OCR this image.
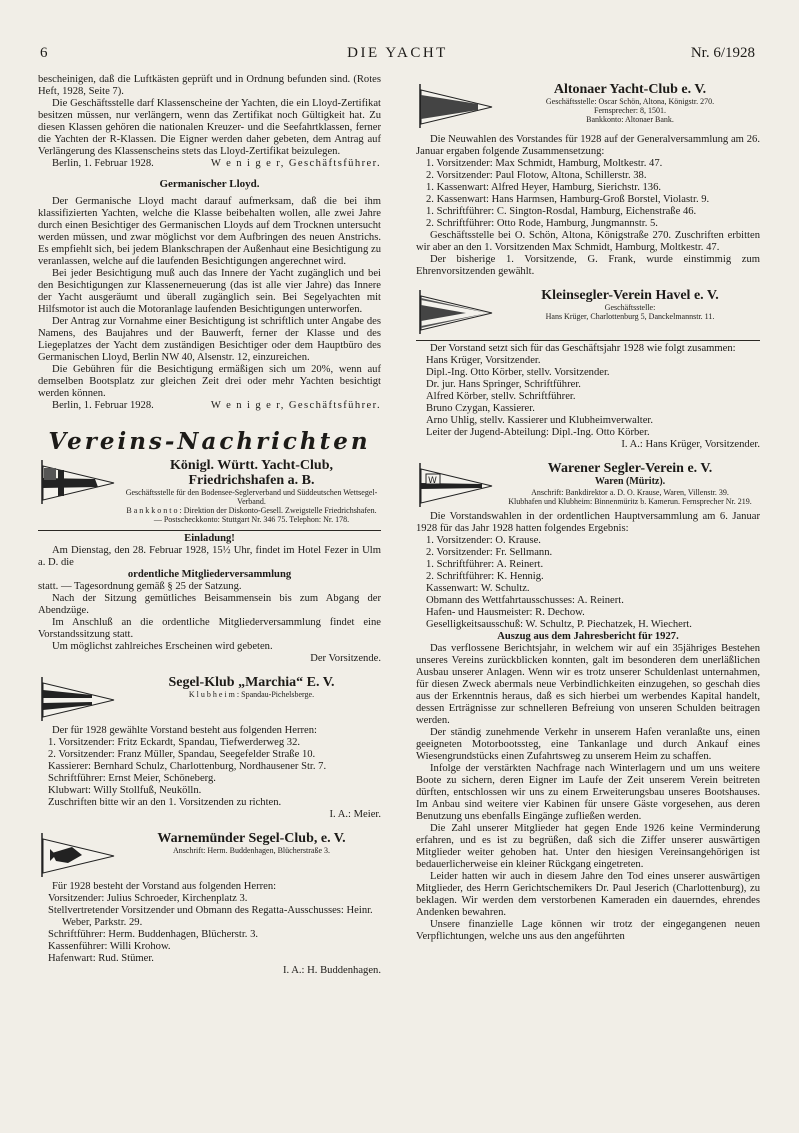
6	DIE YACHT	Nr. 6/1928

bescheinigen, daß die Luftkästen geprüft und in Ordnung befunden sind. (Rotes Heft, 1928, Seite 7).

Die Geschäftsstelle darf Klassenscheine der Yachten, die ein Lloyd-Zertifikat besitzen müssen, nur verlängern, wenn das Zertifikat noch Gültigkeit hat. Zu diesen Klassen gehören die nationalen Kreuzer- und die Seefahrtklassen, ferner die Yachten der R-Klassen. Die Eigner werden daher gebeten, dem Antrag auf Verlängerung des Klassenscheins stets das Lloyd-Zertifikat beizulegen.

Berlin, 1. Februar 1928.	W e n i g e r, Geschäftsführer.
Germanischer Lloyd.

Der Germanische Lloyd macht darauf aufmerksam, daß die bei ihm klassifizierten Yachten, welche die Klasse beibehalten wollen, alle zwei Jahre durch einen Besichtiger des Germanischen Lloyds auf dem Trocknen untersucht werden müssen, und zwar möglichst vor dem Aufbringen des neuen Anstrichs. Es empfiehlt sich, bei jedem Blankschrapen der Außenhaut eine Besichtigung zu veranlassen, welche auf die laufenden Besichtigungen angerechnet wird.

Bei jeder Besichtigung muß auch das Innere der Yacht zugänglich und bei den Besichtigungen zur Klassenerneuerung (das ist alle vier Jahre) das Innere der Yacht ausgeräumt und überall zugänglich sein. Bei Segelyachten mit Hilfsmotor ist auch die Motoranlage laufenden Besichtigungen unterworfen.

Der Antrag zur Vornahme einer Besichtigung ist schriftlich unter Angabe des Namens, des Baujahres und der Bauwerft, ferner der Klasse und des Liegeplatzes der Yacht dem zuständigen Besichtiger oder dem Hauptbüro des Germanischen Lloyd, Berlin NW 40, Alsenstr. 12, einzureichen.

Die Gebühren für die Besichtigung ermäßigen sich um 20%, wenn auf demselben Bootsplatz zur gleichen Zeit drei oder mehr Yachten besichtigt werden können.

Berlin, 1. Februar 1928.	W e n i g e r, Geschäftsführer.
Vereins-Nachrichten
Königl. Württ. Yacht-Club, Friedrichshafen a. B.
Geschäftsstelle für den Bodensee-Seglerverband und Süddeutschen Wettsegel-Verband.
B a n k k o n t o : Direktion der Diskonto-Gesell. Zweigstelle Friedrichshafen. — Postscheckkonto: Stuttgart Nr. 346 75. Telephon: Nr. 178.
Einladung!

Am Dienstag, den 28. Februar 1928, 15½ Uhr, findet im Hotel Fezer in Ulm a. D. die

ordentliche Mitgliederversammlung

statt. — Tagesordnung gemäß § 25 der Satzung.

Nach der Sitzung gemütliches Beisammensein bis zum Abgang der Abendzüge.

Im Anschluß an die ordentliche Mitgliederversammlung findet eine Vorstandssitzung statt.

Um möglichst zahlreiches Erscheinen wird gebeten.

Der Vorsitzende.
Segel-Klub „Marchia“ E. V.
K l u b h e i m : Spandau-Pichelsberge.

Der für 1928 gewählte Vorstand besteht aus folgenden Herren:

1. Vorsitzender: Fritz Eckardt, Spandau, Tiefwerderweg 32.
2. Vorsitzender: Franz Müller, Spandau, Seegefelder Straße 10.
Kassierer: Bernhard Schulz, Charlottenburg, Nordhausener Str. 7.
Schriftführer: Ernst Meier, Schöneberg.
Klubwart: Willy Stollfuß, Neukölln.
Zuschriften bitte wir an den 1. Vorsitzenden zu richten.
I. A.: Meier.
Warnemünder Segel-Club, e. V.
Anschrift: Herm. Buddenhagen, Blücherstraße 3.

Für 1928 besteht der Vorstand aus folgenden Herren:

Vorsitzender: Julius Schroeder, Kirchenplatz 3.
Stellvertretender Vorsitzender und Obmann des Regatta-Ausschusses: Heinr. Weber, Parkstr. 29.
Schriftführer: Herm. Buddenhagen, Blücherstr. 3.
Kassenführer: Willi Krohow.
Hafenwart: Rud. Stümer.
I. A.: H. Buddenhagen.
Altonaer Yacht-Club e. V.
Geschäftsstelle: Oscar Schön, Altona, Königstr. 270.
Fernsprecher: 8, 1501.
Bankkonto: Altonaer Bank.

Die Neuwahlen des Vorstandes für 1928 auf der Generalversammlung am 26. Januar ergaben folgende Zusammensetzung:

1. Vorsitzender: Max Schmidt, Hamburg, Moltkestr. 47.
2. Vorsitzender: Paul Flotow, Altona, Schillerstr. 38.
1. Kassenwart: Alfred Heyer, Hamburg, Sierichstr. 136.
2. Kassenwart: Hans Harmsen, Hamburg-Groß Borstel, Violastr. 9.
1. Schriftführer: C. Sington-Rosdal, Hamburg, Eichenstraße 46.
2. Schriftführer: Otto Rode, Hamburg, Jungmannstr. 5.

Geschäftsstelle bei O. Schön, Altona, Königstraße 270. Zuschriften erbitten wir aber an den 1. Vorsitzenden Max Schmidt, Hamburg, Moltkestr. 47.

Der bisherige 1. Vorsitzende, G. Frank, wurde einstimmig zum Ehrenvorsitzenden gewählt.

Kleinsegler-Verein Havel e. V.
Geschäftsstelle:
Hans Krüger, Charlottenburg 5, Danckelmannstr. 11.

Der Vorstand setzt sich für das Geschäftsjahr 1928 wie folgt zusammen:

Hans Krüger, Vorsitzender.
Dipl.-Ing. Otto Körber, stellv. Vorsitzender.
Dr. jur. Hans Springer, Schriftführer.
Alfred Körber, stellv. Schriftführer.
Bruno Czygan, Kassierer.
Arno Uhlig, stellv. Kassierer und Klubheimverwalter.
Leiter der Jugend-Abteilung: Dipl.-Ing. Otto Körber.
I. A.: Hans Krüger, Vorsitzender.
W
Warener Segler-Verein e. V.
Waren (Müritz).
Anschrift: Bankdirektor a. D. O. Krause, Waren, Villenstr. 39.
Klubhafen und Klubheim: Binnenmüritz b. Kamerun. Fernsprecher Nr. 219.

Die Vorstandswahlen in der ordentlichen Hauptversammlung am 6. Januar 1928 für das Jahr 1928 hatten folgendes Ergebnis:

1. Vorsitzender: O. Krause.
2. Vorsitzender: Fr. Sellmann.
1. Schriftführer: A. Reinert.
2. Schriftführer: K. Hennig.
Kassenwart: W. Schultz.
Obmann des Wettfahrtausschusses: A. Reinert.
Hafen- und Hausmeister: R. Dechow.
Geselligkeitsausschuß: W. Schultz, P. Piechatzek, H. Wiechert.
Auszug aus dem Jahresbericht für 1927.

Das verflossene Berichtsjahr, in welchem wir auf ein 35jähriges Bestehen unseres Vereins zurückblicken konnten, galt im besonderen dem unerläßlichen Ausbau unserer Anlagen. Wenn wir es trotz unserer Schuldenlast unternahmen, für diesen Zweck abermals neue Verbindlichkeiten einzugehen, so geschah dies aus der Erkenntnis heraus, daß es sich hierbei um werbendes Kapital handelt, dessen Erträgnisse zur schnelleren Befreiung von unseren Schulden beitragen werden.

Der ständig zunehmende Verkehr in unserem Hafen veranlaßte uns, einen geeigneten Motorbootssteg, eine Tankanlage und durch Ankauf eines Wiesengrundstücks einen Zufahrtsweg zu unserem Heim zu schaffen.

Infolge der verstärkten Nachfrage nach Winterlagern und um uns weitere Boote zu sichern, deren Eigner im Laufe der Zeit unserem Verein beitreten dürften, entschlossen wir uns zu einem Erweiterungsbau unseres Bootshauses. Im Anbau sind weitere vier Kabinen für unsere Gäste vorgesehen, aus deren Benutzung uns ebenfalls Eingänge zufließen werden.

Die Zahl unserer Mitglieder hat gegen Ende 1926 keine Verminderung erfahren, und es ist zu begrüßen, daß sich die Ziffer unserer auswärtigen Mitglieder weiter gehoben hat. Unter den hiesigen Vereinsangehörigen ist bedauerlicherweise ein kleiner Rückgang eingetreten.

Leider hatten wir auch in diesem Jahre den Tod eines unserer auswärtigen Mitglieder, des Herrn Gerichtschemikers Dr. Paul Jeserich (Charlottenburg), zu beklagen. Wir werden dem verstorbenen Kameraden ein dauerndes, ehrendes Andenken bewahren.

Unsere finanzielle Lage können wir trotz der eingegangenen neuen Verpflichtungen, welche uns aus den angeführten
